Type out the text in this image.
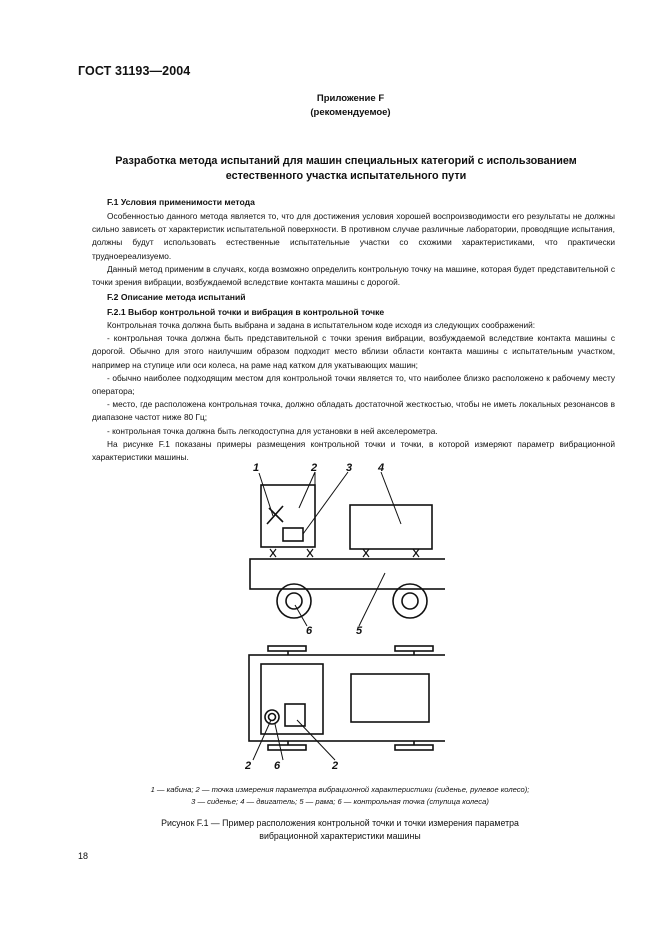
ГОСТ 31193—2004
Приложение F
(рекомендуемое)
Разработка метода испытаний для машин специальных категорий с использованием естественного участка испытательного пути
F.1 Условия применимости метода

Особенностью данного метода является то, что для достижения условия хорошей воспроизводимости его результаты не должны сильно зависеть от характеристик испытательной поверхности. В противном случае различные лаборатории, проводящие испытания, должны будут использовать естественные испытательные участки со схожими характеристиками, что практически трудноереализуемо.

Данный метод применим в случаях, когда возможно определить контрольную точку на машине, которая будет представительной с точки зрения вибрации, возбуждаемой вследствие контакта машины с дорогой.

F.2 Описание метода испытаний
F.2.1 Выбор контрольной точки и вибрация в контрольной точке

Контрольная точка должна быть выбрана и задана в испытательном коде исходя из следующих соображений:

- контрольная точка должна быть представительной с точки зрения вибрации, возбуждаемой вследствие контакта машины с дорогой. Обычно для этого наилучшим образом подходит место вблизи области контакта машины с испытательным участком, например на ступице или оси колеса, на раме над катком для укатывающих машин;

- обычно наиболее подходящим местом для контрольной точки является то, что наиболее близко расположено к рабочему месту оператора;

- место, где расположена контрольная точка, должно обладать достаточной жесткостью, чтобы не иметь локальных резонансов в диапазоне частот ниже 80 Гц;

- контрольная точка должна быть легкодоступна для установки в ней акселерометра.

На рисунке F.1 показаны примеры размещения контрольной точки и точки, в которой измеряют параметр вибрационной характеристики машины.

1	2	3 4
6	5
2 6	2
1 — кабина; 2 — точка измерения параметра вибрационной характеристики (сиденье, рулевое колесо);
3 — сиденье; 4 — двигатель; 5 — рама; 6 — контрольная точка (ступица колеса)
Рисунок F.1 — Пример расположения контрольной точки и точки измерения параметра
вибрационной характеристики машины
18
